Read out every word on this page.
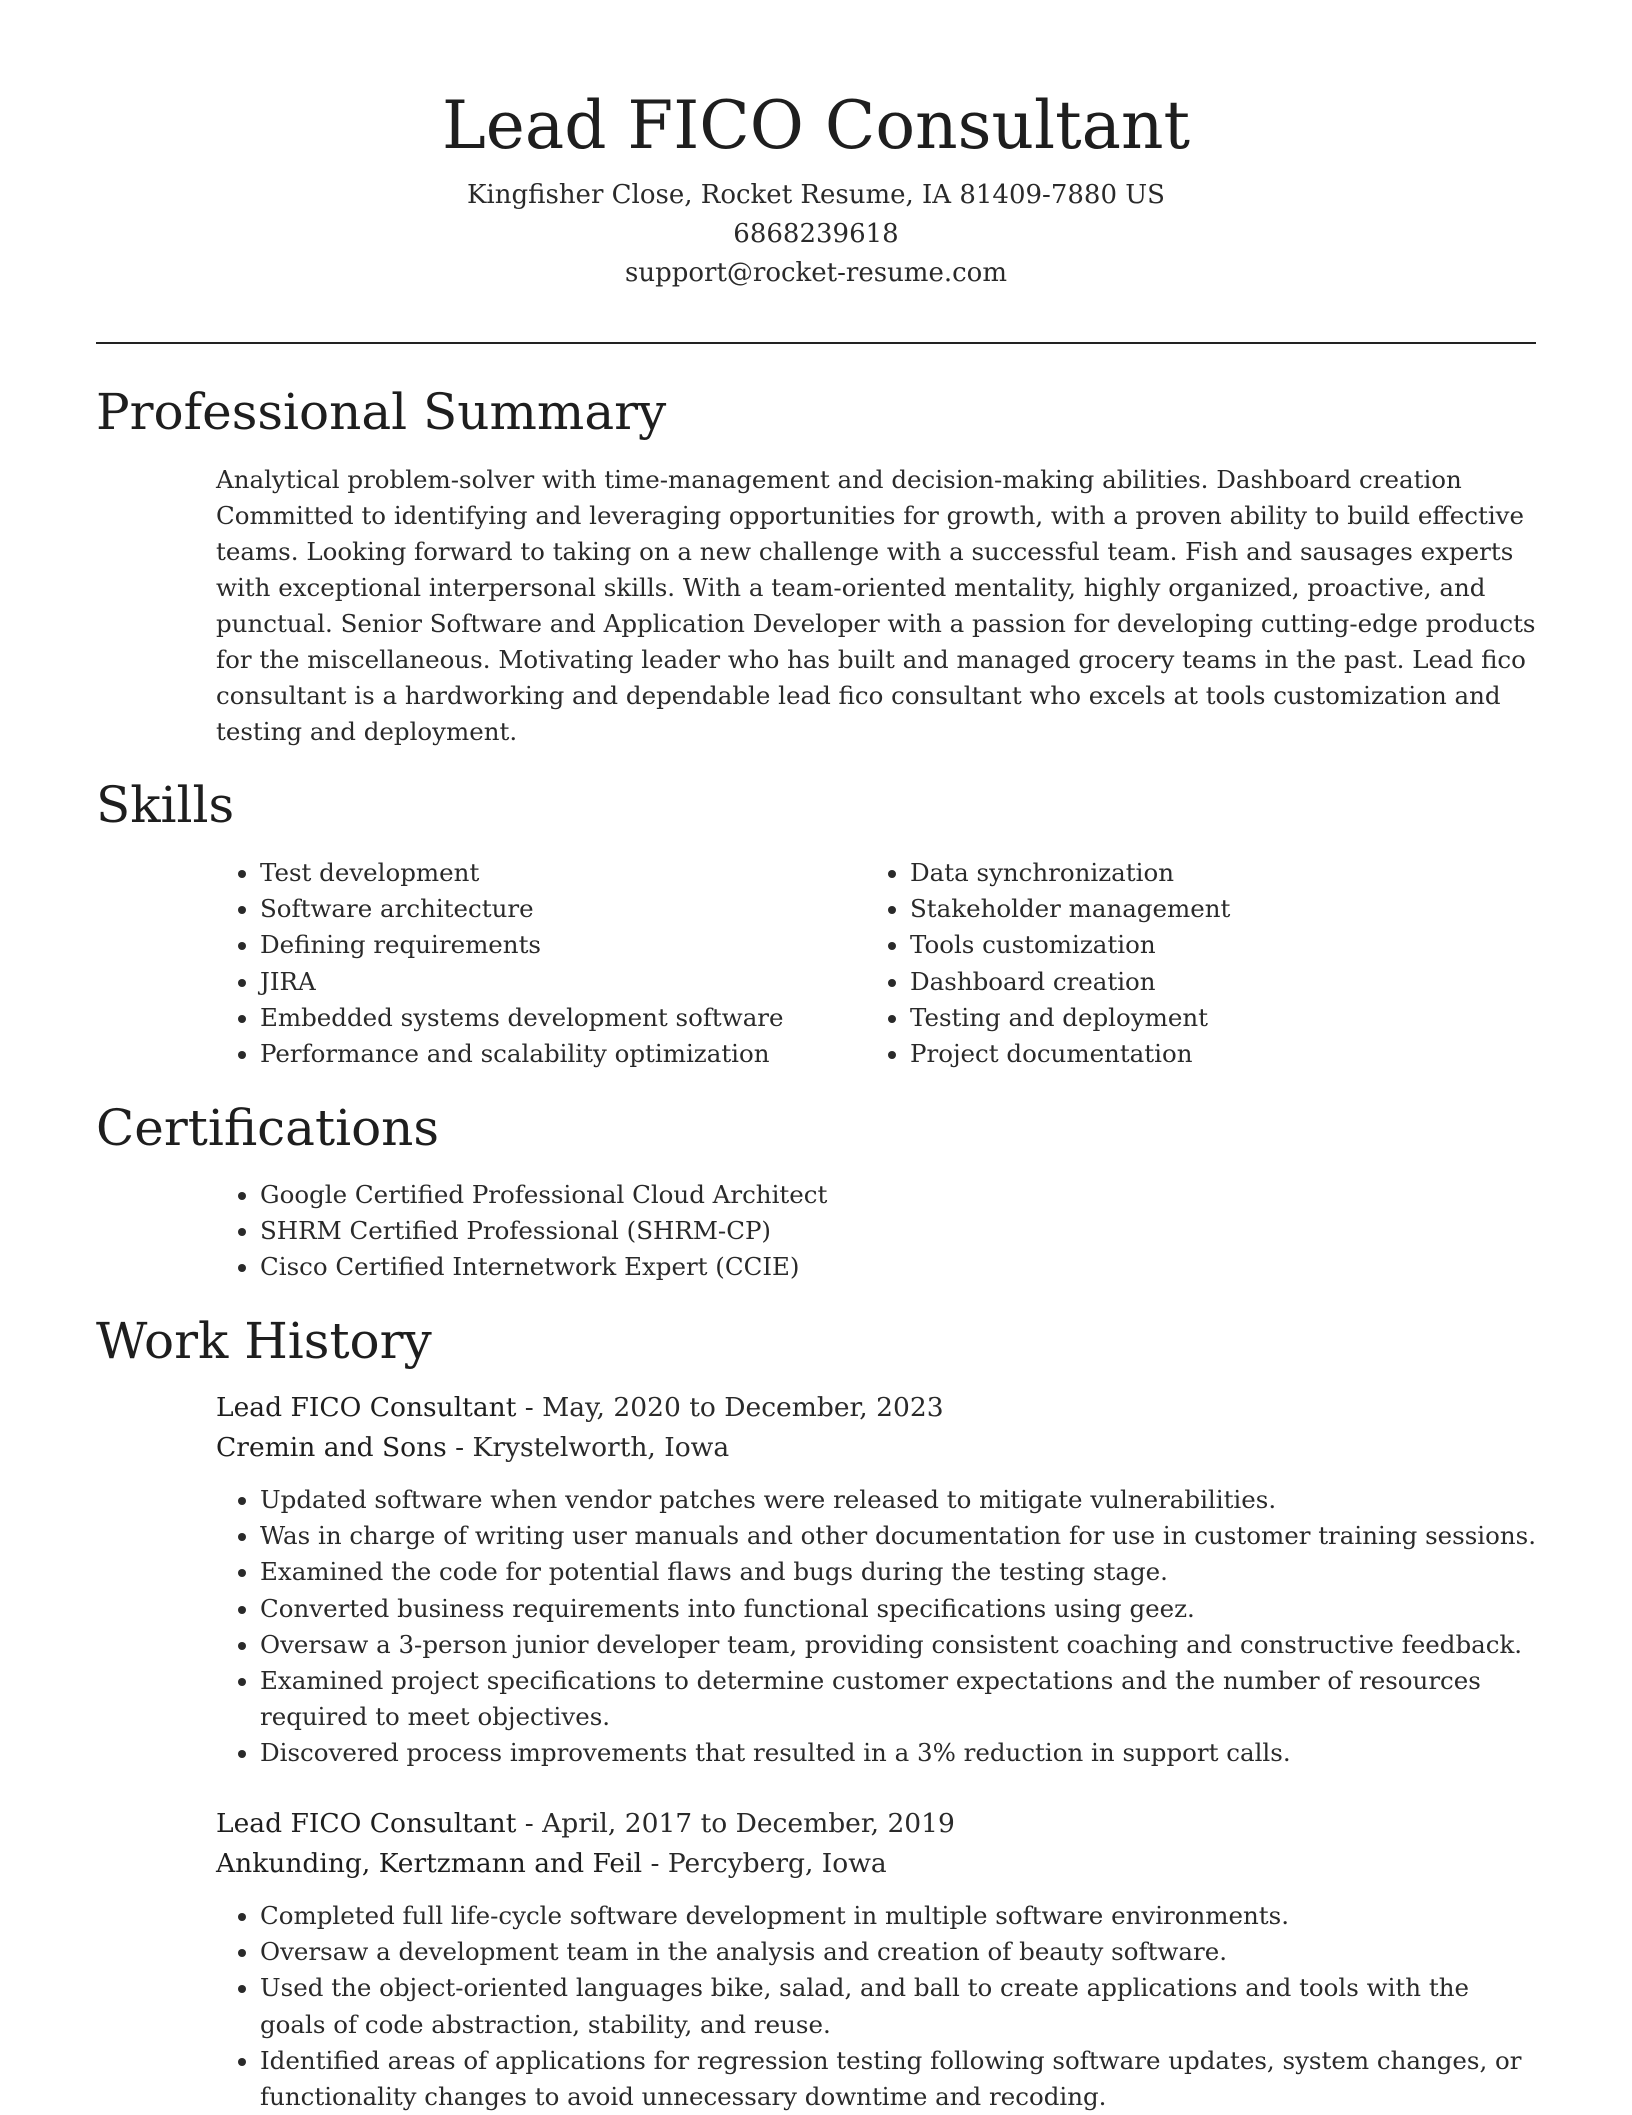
Lead FICO Consultant
Kingfisher Close, Rocket Resume, IA 81409-7880 US
6868239618
support@rocket-resume.com
Professional Summary

Analytical problem-solver with time-management and decision-making abilities. Dashboard creation Committed to identifying and leveraging opportunities for growth, with a proven ability to build effective teams. Looking forward to taking on a new challenge with a successful team. Fish and sausages experts with exceptional interpersonal skills. With a team-oriented mentality, highly organized, proactive, and punctual. Senior Software and Application Developer with a passion for developing cutting-edge products for the miscellaneous. Motivating leader who has built and managed grocery teams in the past. Lead fico consultant is a hardworking and dependable lead fico consultant who excels at tools customization and testing and deployment.

Skills
• Test development
• Software architecture
• Defining requirements
• JIRA
• Embedded systems development software
• Performance and scalability optimization
• Data synchronization
• Stakeholder management
• Tools customization
• Dashboard creation
• Testing and deployment
• Project documentation
Certifications
• Google Certified Professional Cloud Architect
• SHRM Certified Professional (SHRM-CP)
• Cisco Certified Internetwork Expert (CCIE)
Work History
Lead FICO Consultant - May, 2020 to December, 2023
Cremin and Sons - Krystelworth, Iowa
• Updated software when vendor patches were released to mitigate vulnerabilities.
• Was in charge of writing user manuals and other documentation for use in customer training sessions.
• Examined the code for potential flaws and bugs during the testing stage.
• Converted business requirements into functional specifications using geez.
• Oversaw a 3-person junior developer team, providing consistent coaching and constructive feedback.
• Examined project specifications to determine customer expectations and the number of resources required to meet objectives.
• Discovered process improvements that resulted in a 3% reduction in support calls.
Lead FICO Consultant - April, 2017 to December, 2019
Ankunding, Kertzmann and Feil - Percyberg, Iowa
• Completed full life-cycle software development in multiple software environments.
• Oversaw a development team in the analysis and creation of beauty software.
• Used the object-oriented languages bike, salad, and ball to create applications and tools with the goals of code abstraction, stability, and reuse.
• Identified areas of applications for regression testing following software updates, system changes, or functionality changes to avoid unnecessary downtime and recoding.
